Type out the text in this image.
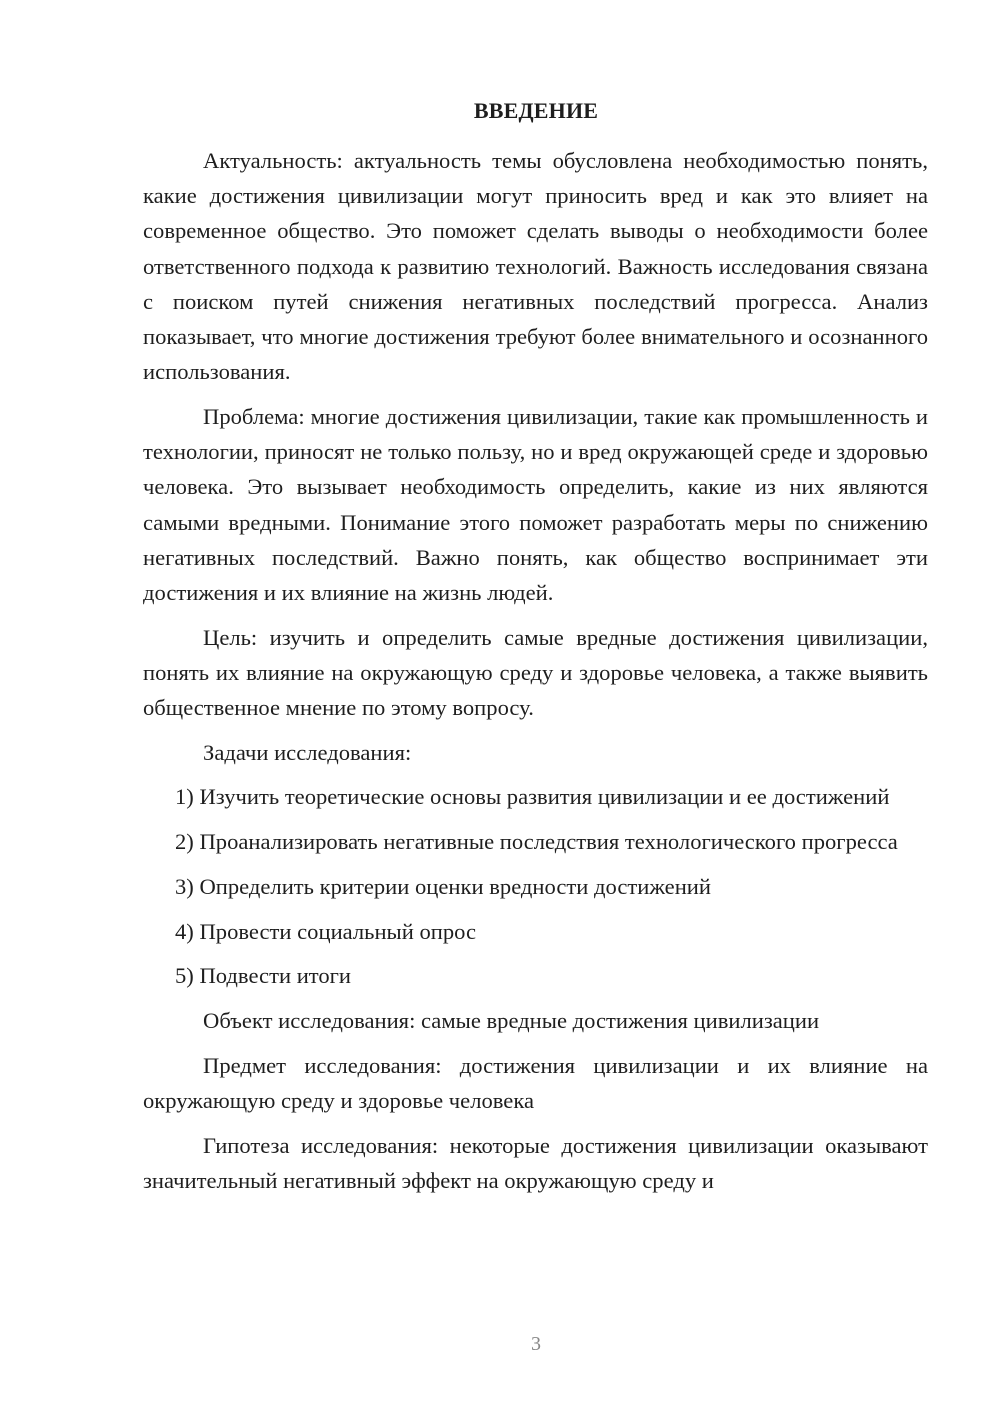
ВВЕДЕНИЕ

Актуальность: актуальность темы обусловлена необходимостью понять, какие достижения цивилизации могут приносить вред и как это влияет на современное общество. Это поможет сделать выводы о необходимости более ответственного подхода к развитию технологий. Важность исследования связана с поиском путей снижения негативных последствий прогресса. Анализ показывает, что многие достижения требуют более внимательного и осознанного использования.

Проблема: многие достижения цивилизации, такие как промышленность и технологии, приносят не только пользу, но и вред окружающей среде и здоровью человека. Это вызывает необходимость определить, какие из них являются самыми вредными. Понимание этого поможет разработать меры по снижению негативных последствий. Важно понять, как общество воспринимает эти достижения и их влияние на жизнь людей.

Цель: изучить и определить самые вредные достижения цивилизации, понять их влияние на окружающую среду и здоровье человека, а также выявить общественное мнение по этому вопросу.

Задачи исследования:

1) Изучить теоретические основы развития цивилизации и ее достижений

2) Проанализировать негативные последствия технологического прогресса

3) Определить критерии оценки вредности достижений

4) Провести социальный опрос

5) Подвести итоги

Объект исследования: самые вредные достижения цивилизации

Предмет исследования: достижения цивилизации и их влияние на окружающую среду и здоровье человека

Гипотеза исследования: некоторые достижения цивилизации оказывают значительный негативный эффект на окружающую среду и

3
